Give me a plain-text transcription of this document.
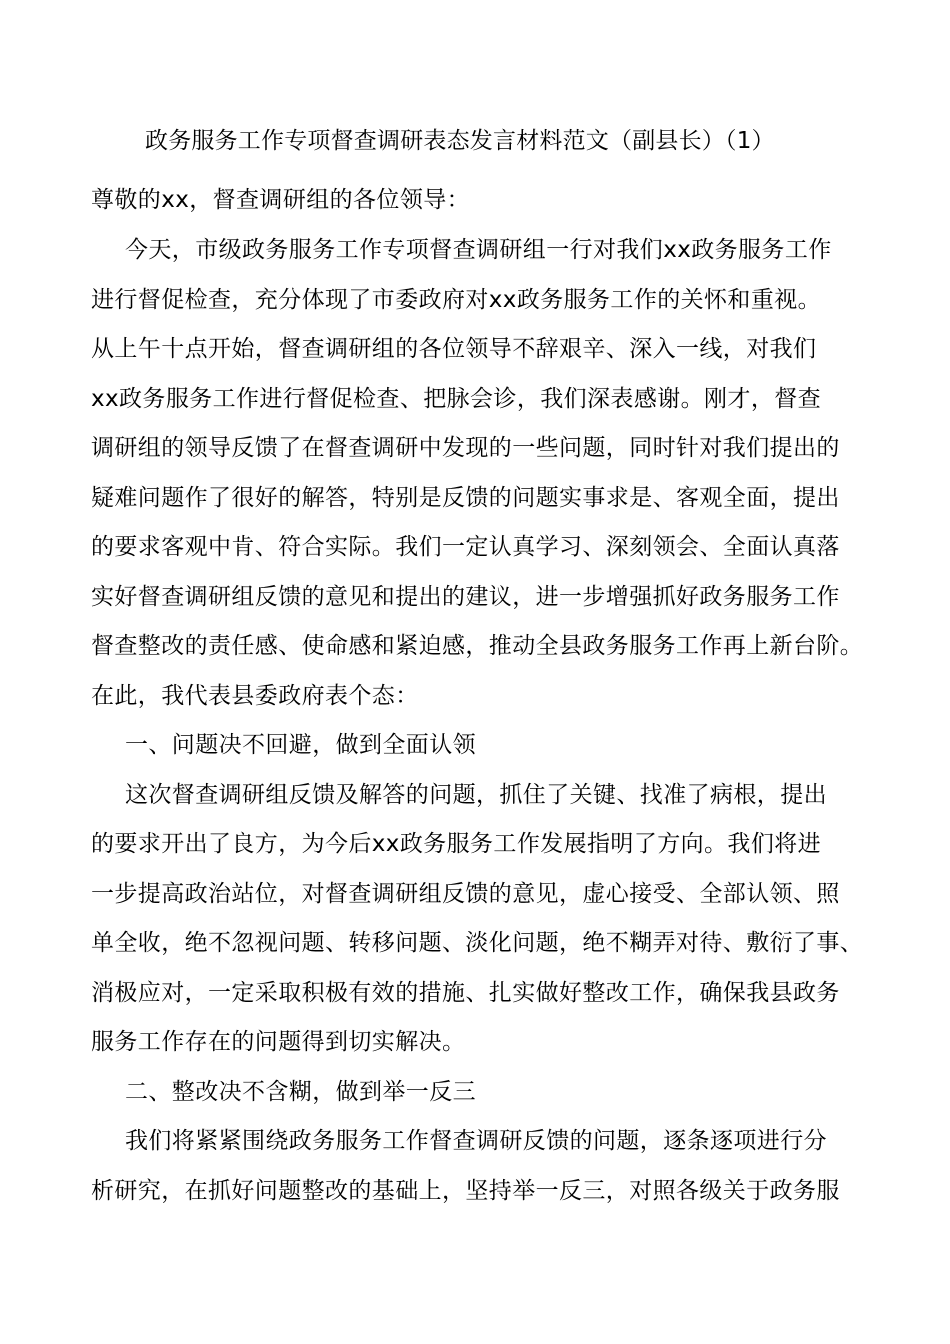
政务服务工作专项督查调研表态发言材料范文（副县长）（1）
尊敬的xx，督查调研组的各位领导：
今天，市级政务服务工作专项督查调研组一行对我们xx政务服务工作
进行督促检查，充分体现了市委政府对xx政务服务工作的关怀和重视。
从上午十点开始，督查调研组的各位领导不辞艰辛、深入一线，对我们
xx政务服务工作进行督促检查、把脉会诊，我们深表感谢。刚才，督查
调研组的领导反馈了在督查调研中发现的一些问题，同时针对我们提出的
疑难问题作了很好的解答，特别是反馈的问题实事求是、客观全面，提出
的要求客观中肯、符合实际。我们一定认真学习、深刻领会、全面认真落
实好督查调研组反馈的意见和提出的建议，进一步增强抓好政务服务工作
督查整改的责任感、使命感和紧迫感，推动全县政务服务工作再上新台阶。
在此，我代表县委政府表个态：
一、问题决不回避，做到全面认领
这次督查调研组反馈及解答的问题，抓住了关键、找准了病根，提出
的要求开出了良方，为今后xx政务服务工作发展指明了方向。我们将进
一步提高政治站位，对督查调研组反馈的意见，虚心接受、全部认领、照
单全收，绝不忽视问题、转移问题、淡化问题，绝不糊弄对待、敷衍了事、
消极应对，一定采取积极有效的措施、扎实做好整改工作，确保我县政务
服务工作存在的问题得到切实解决。
二、整改决不含糊，做到举一反三
我们将紧紧围绕政务服务工作督查调研反馈的问题，逐条逐项进行分
析研究，在抓好问题整改的基础上，坚持举一反三，对照各级关于政务服
